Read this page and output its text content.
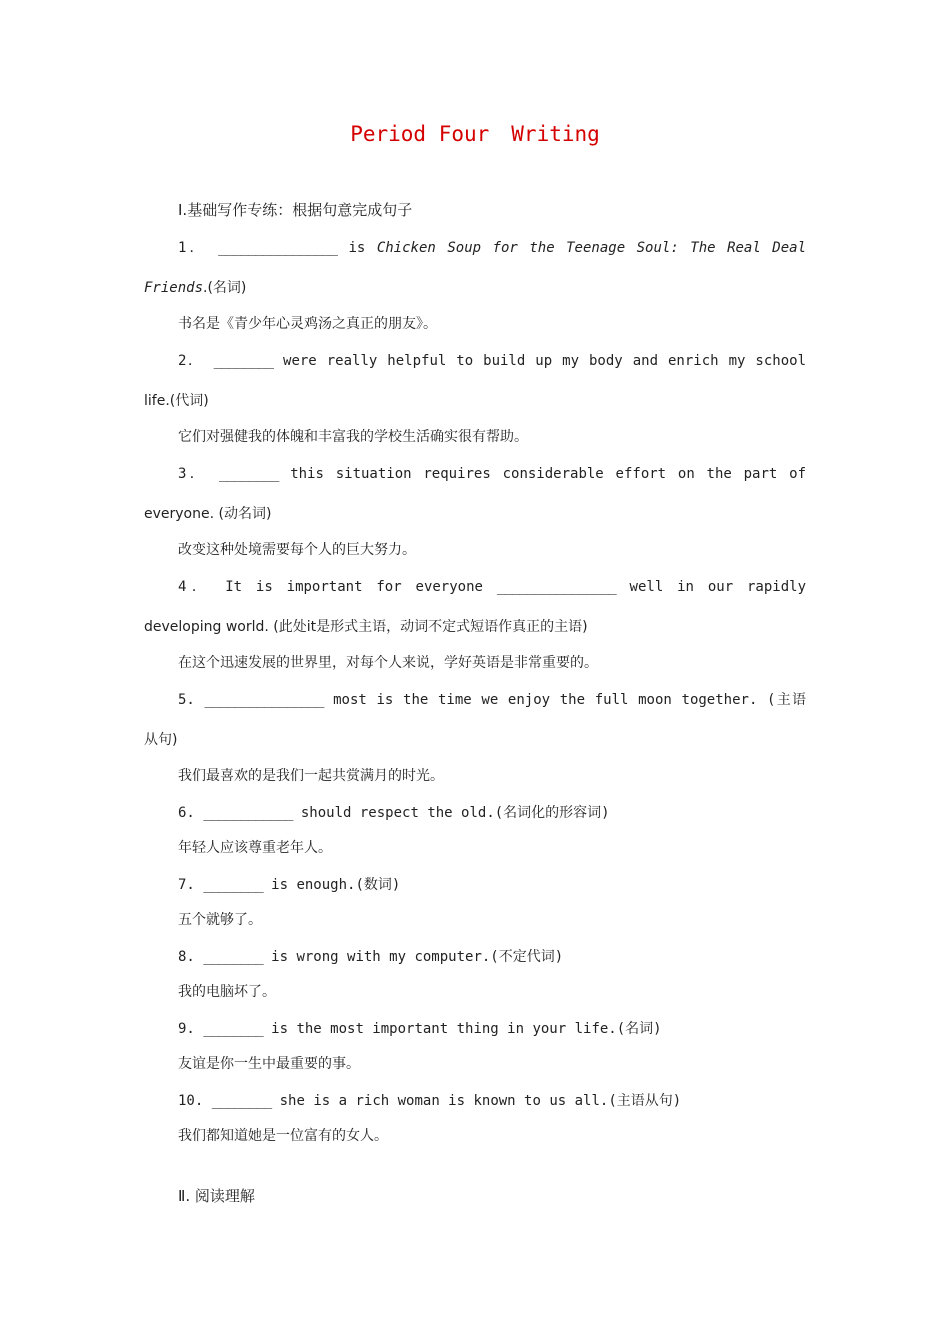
Period Four Writing
Ⅰ.基础写作专练：根据句意完成句子
1． ________________ is Chicken Soup for the Teenage Soul: The Real Deal
Friends.(名词)
书名是《青少年心灵鸡汤之真正的朋友》。
2． ________ were really helpful to build up my body and enrich my school
life.(代词)
它们对强健我的体魄和丰富我的学校生活确实很有帮助。
3． ________ this situation requires considerable effort on the part of
everyone. (动名词)
改变这种处境需要每个人的巨大努力。
4． It is important for everyone ________________ well in our rapidly
developing world. (此处it是形式主语，动词不定式短语作真正的主语)
在这个迅速发展的世界里，对每个人来说，学好英语是非常重要的。
5. ________________ most is the time we enjoy the full moon together. (主语
从句)
我们最喜欢的是我们一起共赏满月的时光。
6. ____________ should respect the old.(名词化的形容词)
年轻人应该尊重老年人。
7. ________ is enough.(数词)
五个就够了。
8. ________ is wrong with my computer.(不定代词)
我的电脑坏了。
9. ________ is the most important thing in your life.(名词)
友谊是你一生中最重要的事。
10. ________ she is a rich woman is known to us all.(主语从句)
我们都知道她是一位富有的女人。
Ⅱ. 阅读理解
